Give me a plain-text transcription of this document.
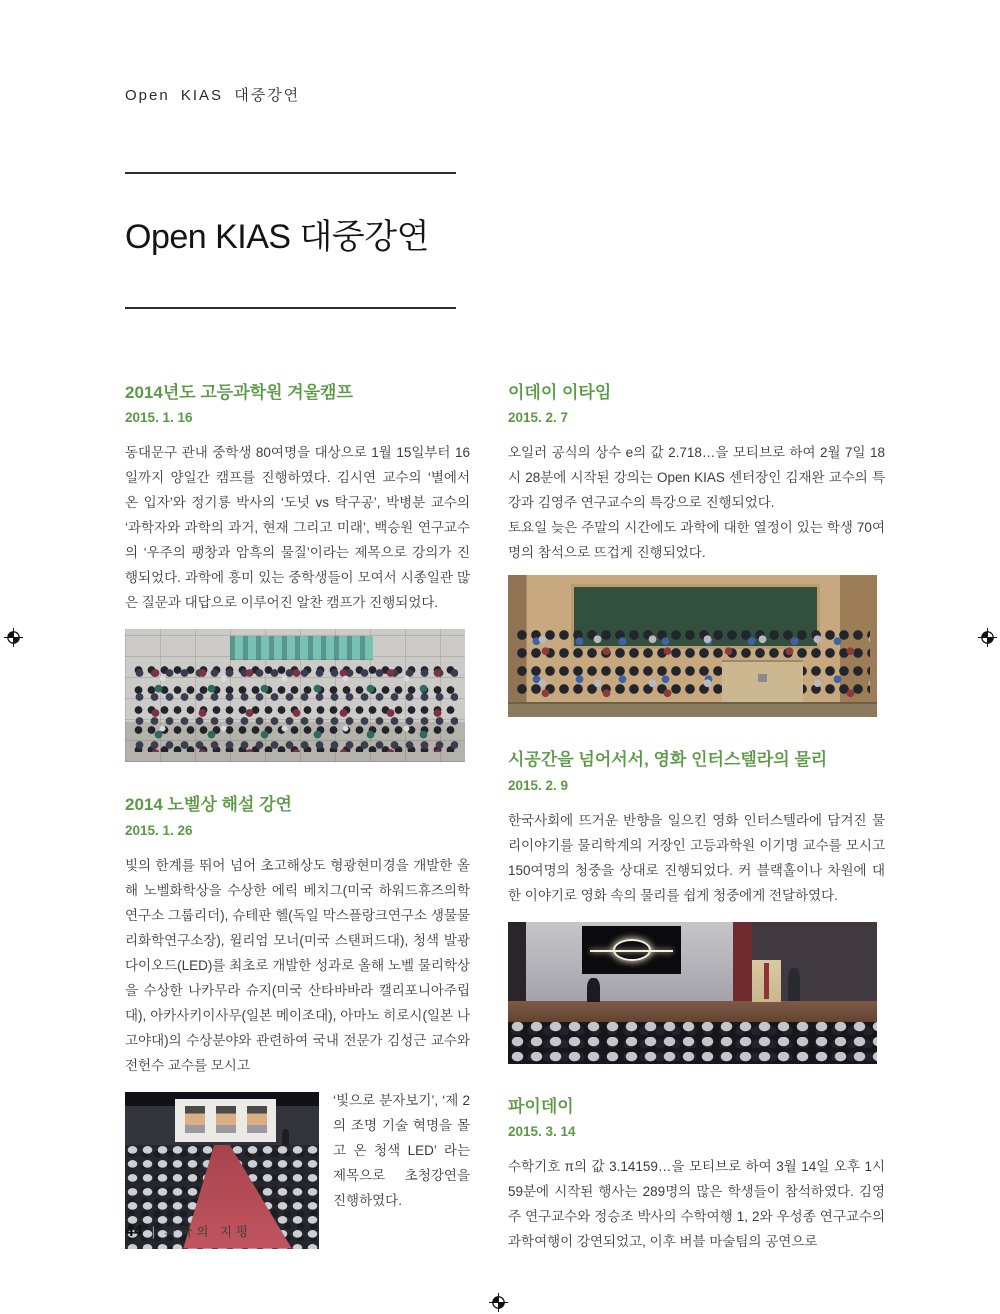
Open KIAS 대중강연
Open KIAS 대중강연
2014년도 고등과학원 겨울캠프
2015. 1. 16

동대문구 관내 중학생 80여명을 대상으로 1월 15일부터 16일까지 양일간 캠프를 진행하였다. 김시연 교수의 ‘별에서 온 입자’와 정기룡 박사의 ‘도넛 vs 탁구공’, 박병분 교수의 ‘과학자와 과학의 과거, 현재 그리고 미래’, 백승원 연구교수의 ‘우주의 팽창과 암흑의 물질’이라는 제목으로 강의가 진행되었다. 과학에 흥미 있는 중학생들이 모여서 시종일관 많은 질문과 대답으로 이루어진 알찬 캠프가 진행되었다.

2014 노벨상 해설 강연
2015. 1. 26

빛의 한계를 뛰어 넘어 초고해상도 형광현미경을 개발한 올해 노벨화학상을 수상한 에릭 베치그(미국 하워드휴즈의학연구소 그룹리더), 슈테판 헬(독일 막스플랑크연구소 생물물리화학연구소장), 윌리엄 모너(미국 스탠퍼드대), 청색 발광다이오드(LED)를 최초로 개발한 성과로 올해 노벨 물리학상을 수상한 나카무라 슈지(미국 산타바바라 캘리포니아주립대), 아카사키이사무(일본 메이조대), 아마노 히로시(일본 나고야대)의 수상분야와 관련하여 국내 전문가 김성근 교수와 전헌수 교수를 모시고

‘빛으로 분자보기’, ‘제 2의 조명 기술 혁명을 몰고 온 청색 LED’ 라는 제목으로 초청강연을 진행하였다.

이데이 이타임
2015. 2. 7

오일러 공식의 상수 e의 값 2.718…을 모티브로 하여 2월 7일 18시 28분에 시작된 강의는 Open KIAS 센터장인 김재완 교수의 특강과 김영주 연구교수의 특강으로 진행되었다.

토요일 늦은 주말의 시간에도 과학에 대한 열정이 있는 학생 70여명의 참석으로 뜨겁게 진행되었다.

시공간을 넘어서서, 영화 인터스텔라의 물리
2015. 2. 9

한국사회에 뜨거운 반향을 일으킨 영화 인터스텔라에 담겨진 물리이야기를 물리학계의 거장인 고등과학원 이기명 교수를 모시고 150여명의 청중을 상대로 진행되었다. 커 블랙홀이나 차원에 대한 이야기로 영화 속의 물리를 쉽게 청중에게 전달하였다.

파이데이
2015. 3. 14

수학기호 π의 값 3.14159…을 모티브로 하여 3월 14일 오후 1시 59분에 시작된 행사는 289명의 많은 학생들이 참석하였다. 김영주 연구교수와 정승조 박사의 수학여행 1, 2와 우성종 연구교수의 과학여행이 강연되었고, 이후 버블 마술팀의 공연으로

44 | 과학의 지평
